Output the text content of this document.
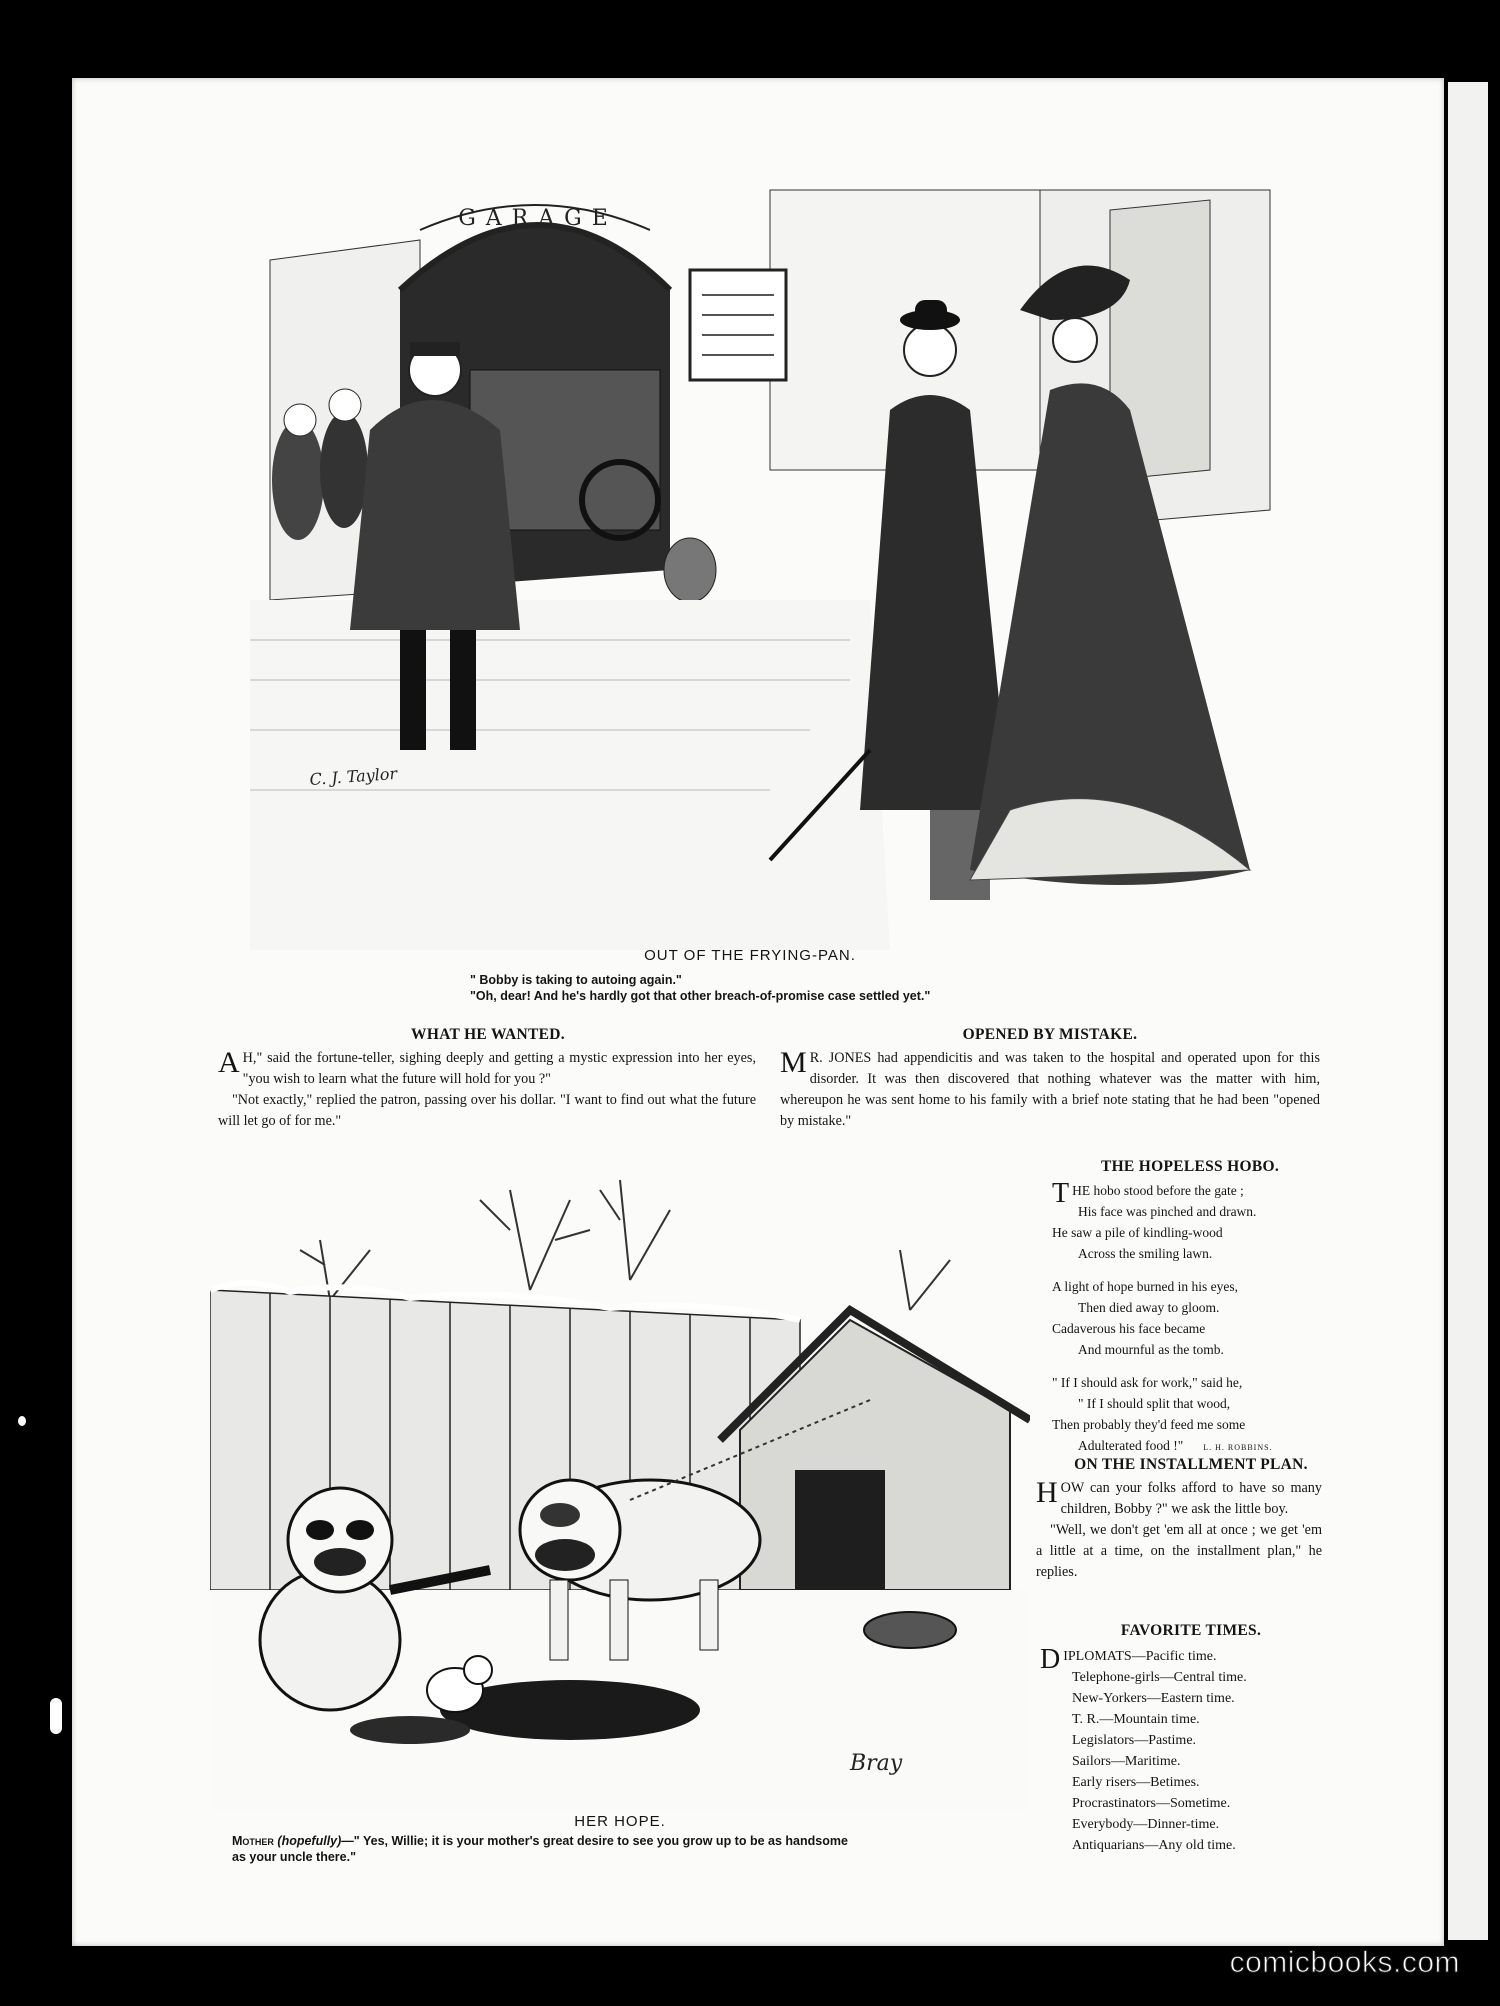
GARAGE
C. J. Taylor
OUT OF THE FRYING-PAN.
" Bobby is taking to autoing again."
"Oh, dear! And he's hardly got that other breach-of-promise case settled yet."
WHAT HE WANTED.

A H," said the fortune-teller, sighing deeply and getting a mystic expression into her eyes, "you wish to learn what the future will hold for you ?"

"Not exactly," replied the patron, passing over his dollar. "I want to find out what the future will let go of for me."

OPENED BY MISTAKE.

M R. JONES had appendicitis and was taken to the hospital and operated upon for this disorder. It was then discovered that nothing whatever was the matter with him, whereupon he was sent home to his family with a brief note stating that he had been "opened by mistake."

THE HOPELESS HOBO.
T HE hobo stood before the gate ;
His face was pinched and drawn.
He saw a pile of kindling-wood
Across the smiling lawn.
A light of hope burned in his eyes,
Then died away to gloom.
Cadaverous his face became
And mournful as the tomb.
" If I should ask for work," said he,
" If I should split that wood,
Then probably they'd feed me some
Adulterated food !"	L. H. ROBBINS.
ON THE INSTALLMENT PLAN.

HOW can your folks afford to have so many children, Bobby ?" we ask the little boy.

"Well, we don't get 'em all at once ; we get 'em a little at a time, on the installment plan," he replies.

FAVORITE TIMES.
DIPLOMATS—Pacific time.
Telephone-girls—Central time.
New-Yorkers—Eastern time.
T. R.—Mountain time.
Legislators—Pastime.
Sailors—Maritime.
Early risers—Betimes.
Procrastinators—Sometime.
Everybody—Dinner-time.
Antiquarians—Any old time.
Bray
HER HOPE.
Mother (hopefully)—" Yes, Willie; it is your mother's great desire to see you grow up to be as handsome
as your uncle there."
comicbooks.com
